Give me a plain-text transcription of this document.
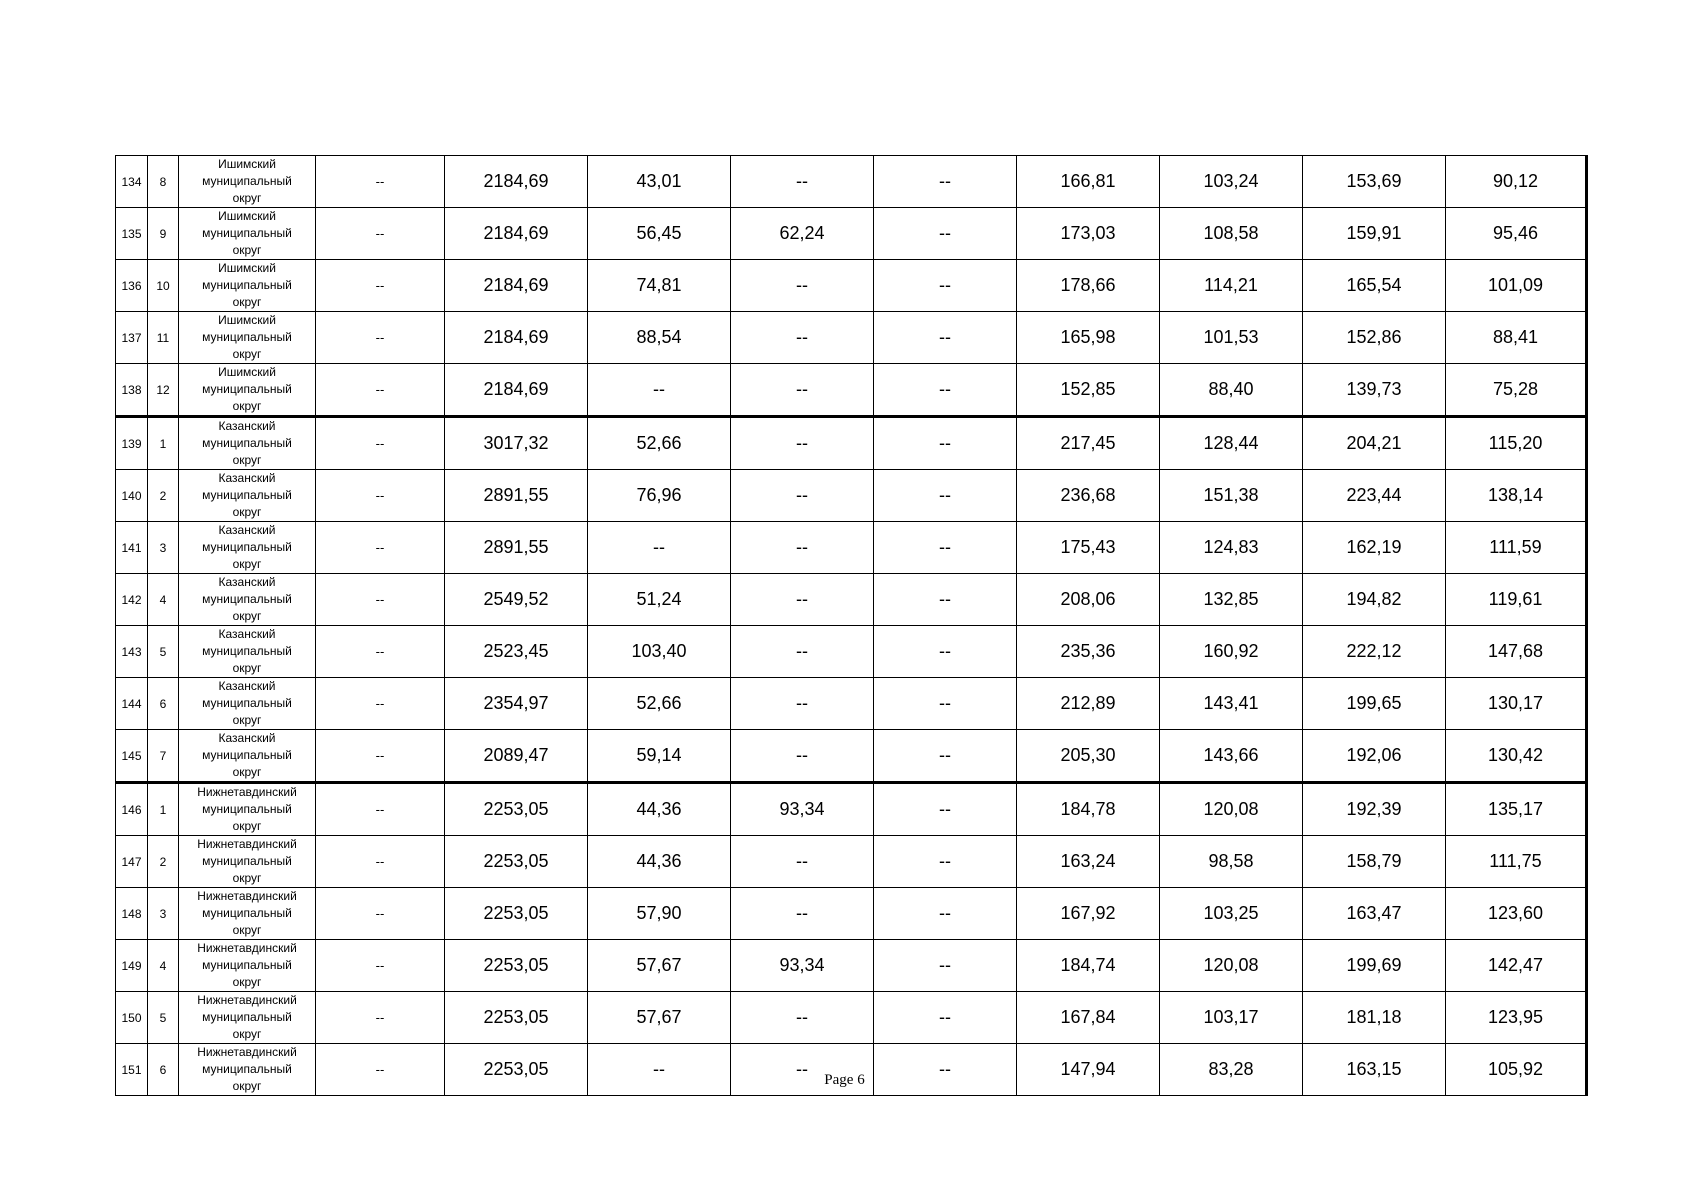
134	8	Ишимский
муниципальный
округ	--	2184,69	43,01	--	--	166,81	103,24	153,69	90,12
135	9	Ишимский
муниципальный
округ	--	2184,69	56,45	62,24	--	173,03	108,58	159,91	95,46
136	10	Ишимский
муниципальный
округ	--	2184,69	74,81	--	--	178,66	114,21	165,54	101,09
137	11	Ишимский
муниципальный
округ	--	2184,69	88,54	--	--	165,98	101,53	152,86	88,41
138	12	Ишимский
муниципальный
округ	--	2184,69	--	--	--	152,85	88,40	139,73	75,28
139	1	Казанский
муниципальный
округ	--	3017,32	52,66	--	--	217,45	128,44	204,21	115,20
140	2	Казанский
муниципальный
округ	--	2891,55	76,96	--	--	236,68	151,38	223,44	138,14
141	3	Казанский
муниципальный
округ	--	2891,55	--	--	--	175,43	124,83	162,19	111,59
142	4	Казанский
муниципальный
округ	--	2549,52	51,24	--	--	208,06	132,85	194,82	119,61
143	5	Казанский
муниципальный
округ	--	2523,45	103,40	--	--	235,36	160,92	222,12	147,68
144	6	Казанский
муниципальный
округ	--	2354,97	52,66	--	--	212,89	143,41	199,65	130,17
145	7	Казанский
муниципальный
округ	--	2089,47	59,14	--	--	205,30	143,66	192,06	130,42
146	1	Нижнетавдинский
муниципальный
округ	--	2253,05	44,36	93,34	--	184,78	120,08	192,39	135,17
147	2	Нижнетавдинский
муниципальный
округ	--	2253,05	44,36	--	--	163,24	98,58	158,79	111,75
148	3	Нижнетавдинский
муниципальный
округ	--	2253,05	57,90	--	--	167,92	103,25	163,47	123,60
149	4	Нижнетавдинский
муниципальный
округ	--	2253,05	57,67	93,34	--	184,74	120,08	199,69	142,47
150	5	Нижнетавдинский
муниципальный
округ	--	2253,05	57,67	--	--	167,84	103,17	181,18	123,95
151	6	Нижнетавдинский
муниципальный
округ	--	2253,05	--	--	--	147,94	83,28	163,15	105,92
Page 6
